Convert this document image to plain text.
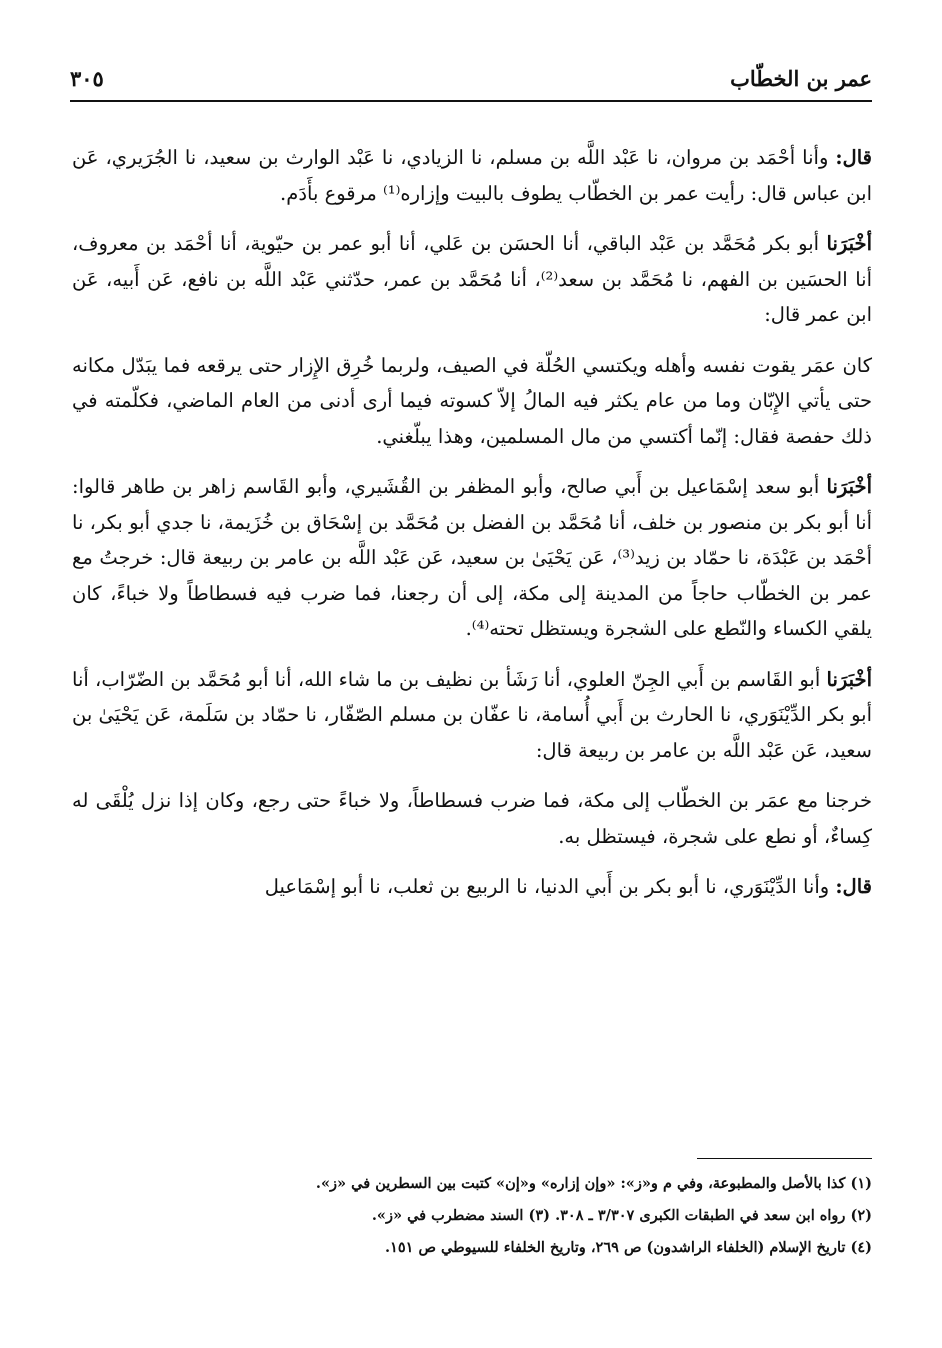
عمر بن الخطّاب
٣٠٥

قال: وأنا أحْمَد بن مروان، نا عَبْد اللَّه بن مسلم، نا الزيادي، نا عَبْد الوارث بن سعيد، نا الجُرَيري، عَن ابن عباس قال: رأيت عمر بن الخطّاب يطوف بالبيت وإزاره⁽¹⁾ مرقوع بأَدَم.

أخْبَرَنا أبو بكر مُحَمَّد بن عَبْد الباقي، أنا الحسَن بن عَلي، أنا أبو عمر بن حيّوية، أنا أحْمَد بن معروف، أنا الحسَين بن الفهم، نا مُحَمَّد بن سعد⁽²⁾، أنا مُحَمَّد بن عمر، حدّثني عَبْد اللَّه بن نافع، عَن أَبيه، عَن ابن عمر قال:

كان عمَر يقوت نفسه وأهله ويكتسي الحُلّة في الصيف، ولربما خُرِق الإِزار حتى يرقعه فما يبَدّل مكانه حتى يأتي الإِبّان وما من عام يكثر فيه المالُ إلاّ كسوته فيما أرى أدنى من العام الماضي، فكلّمته في ذلك حفصة فقال: إنّما أكتسي من مال المسلمين، وهذا يبلّغني.

أخْبَرَنا أبو سعد إسْمَاعيل بن أَبي صالح، وأبو المظفر بن القُشَيري، وأبو القَاسم زاهر بن طاهر قالوا: أنا أبو بكر بن منصور بن خلف، أنا مُحَمَّد بن الفضل بن مُحَمَّد بن إسْحَاق بن خُزَيمة، نا جدي أبو بكر، نا أحْمَد بن عَبْدَة، نا حمّاد بن زيد⁽³⁾، عَن يَحْيَىٰ بن سعيد، عَن عَبْد اللَّه بن عامر بن ربيعة قال: خرجتُ مع عمر بن الخطّاب حاجاً من المدينة إلى مكة، إلى أن رجعنا، فما ضرب فيه فسطاطاً ولا خباءً، كان يلقي الكساء والنّطع على الشجرة ويستظل تحته⁽⁴⁾.

أخْبَرَنا أبو القَاسم بن أَبي الجِنّ العلوي، أنا رَشَأ بن نظيف بن ما شاء الله، أنا أبو مُحَمَّد بن الضّرّاب، أنا أبو بكر الدِّيْنَوَري، نا الحارث بن أَبي أُسامة، نا عفّان بن مسلم الصّفّار، نا حمّاد بن سَلَمة، عَن يَحْيَىٰ بن سعيد، عَن عَبْد اللَّه بن عامر بن ربيعة قال:

خرجنا مع عمَر بن الخطّاب إلى مكة، فما ضرب فسطاطاً، ولا خباءً حتى رجع، وكان إذا نزل يُلْقَى له كِساءٌ، أو نطع على شجرة، فيستظل به.

قال: وأنا الدِّيْنَوَري، نا أبو بكر بن أَبي الدنيا، نا الربيع بن ثعلب، نا أبو إسْمَاعيل

(١) كذا بالأصل والمطبوعة، وفي م و«ز»: «وإن إزاره» و«إن» كتبت بين السطرين في «ز».
(٢) رواه ابن سعد في الطبقات الكبرى ٣/٣٠٧ ـ ٣٠٨. (٣) السند مضطرب في «ز».
(٤) تاريخ الإسلام (الخلفاء الراشدون) ص ٢٦٩، وتاريخ الخلفاء للسيوطي ص ١٥١.
